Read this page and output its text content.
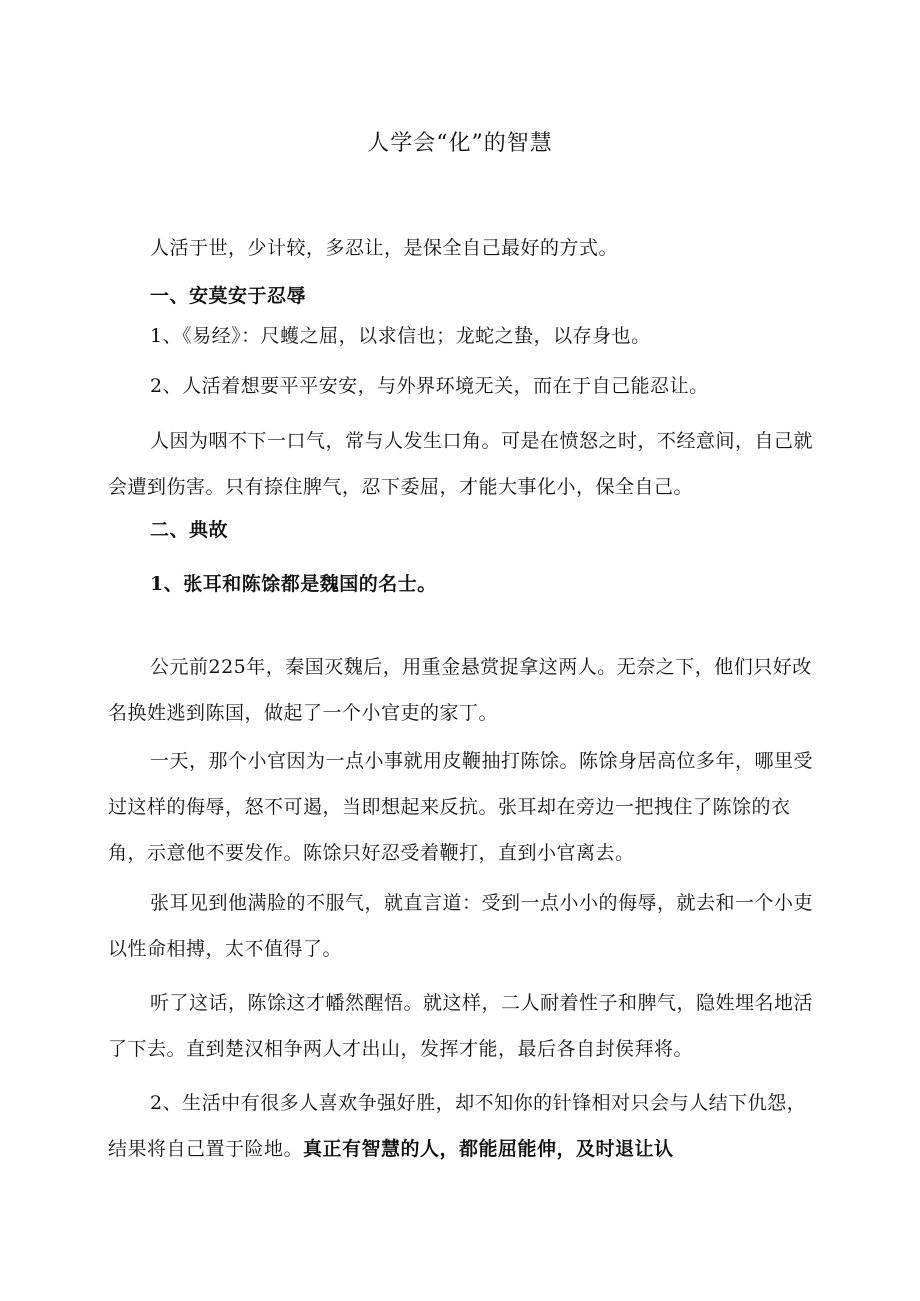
人学会“化”的智慧
人活于世，少计较，多忍让，是保全自己最好的方式。
一、安莫安于忍辱
1、《易经》：尺蠖之屈，以求信也；龙蛇之蛰，以存身也。
2、人活着想要平平安安，与外界环境无关，而在于自己能忍让。
人因为咽不下一口气，常与人发生口角。可是在愤怒之时，不经意间，自己就会遭到伤害。只有捺住脾气，忍下委屈，才能大事化小，保全自己。
二、典故
1、张耳和陈馀都是魏国的名士。
公元前225年，秦国灭魏后，用重金悬赏捉拿这两人。无奈之下，他们只好改名换姓逃到陈国，做起了一个小官吏的家丁。
一天，那个小官因为一点小事就用皮鞭抽打陈馀。陈馀身居高位多年，哪里受过这样的侮辱，怒不可遏，当即想起来反抗。张耳却在旁边一把拽住了陈馀的衣角，示意他不要发作。陈馀只好忍受着鞭打，直到小官离去。
张耳见到他满脸的不服气，就直言道：受到一点小小的侮辱，就去和一个小吏以性命相搏，太不值得了。
听了这话，陈馀这才幡然醒悟。就这样，二人耐着性子和脾气，隐姓埋名地活了下去。直到楚汉相争两人才出山，发挥才能，最后各自封侯拜将。
2、生活中有很多人喜欢争强好胜，却不知你的针锋相对只会与人结下仇怨，结果将自己置于险地。真正有智慧的人，都能屈能伸，及时退让认
